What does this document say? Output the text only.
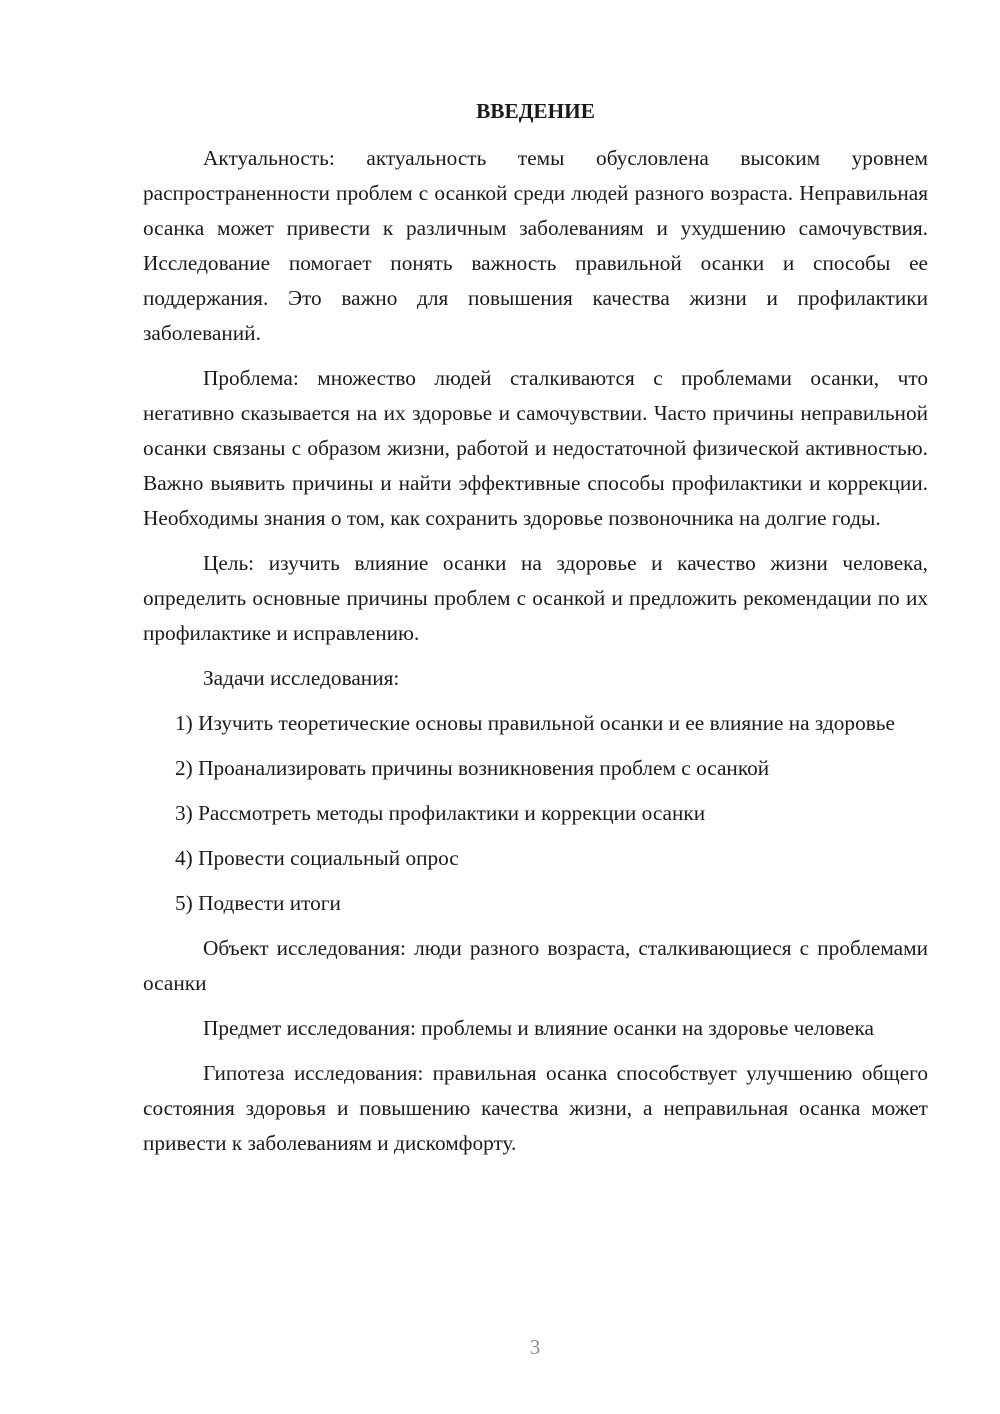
ВВЕДЕНИЕ

Актуальность: актуальность темы обусловлена высоким уровнем распространенности проблем с осанкой среди людей разного возраста. Неправильная осанка может привести к различным заболеваниям и ухудшению самочувствия. Исследование помогает понять важность правильной осанки и способы ее поддержания. Это важно для повышения качества жизни и профилактики заболеваний.

Проблема: множество людей сталкиваются с проблемами осанки, что негативно сказывается на их здоровье и самочувствии. Часто причины неправильной осанки связаны с образом жизни, работой и недостаточной физической активностью. Важно выявить причины и найти эффективные способы профилактики и коррекции. Необходимы знания о том, как сохранить здоровье позвоночника на долгие годы.

Цель: изучить влияние осанки на здоровье и качество жизни человека, определить основные причины проблем с осанкой и предложить рекомендации по их профилактике и исправлению.

Задачи исследования:

1) Изучить теоретические основы правильной осанки и ее влияние на здоровье

2) Проанализировать причины возникновения проблем с осанкой

3) Рассмотреть методы профилактики и коррекции осанки

4) Провести социальный опрос

5) Подвести итоги

Объект исследования: люди разного возраста, сталкивающиеся с проблемами осанки

Предмет исследования: проблемы и влияние осанки на здоровье человека

Гипотеза исследования: правильная осанка способствует улучшению общего состояния здоровья и повышению качества жизни, а неправильная осанка может привести к заболеваниям и дискомфорту.

3
